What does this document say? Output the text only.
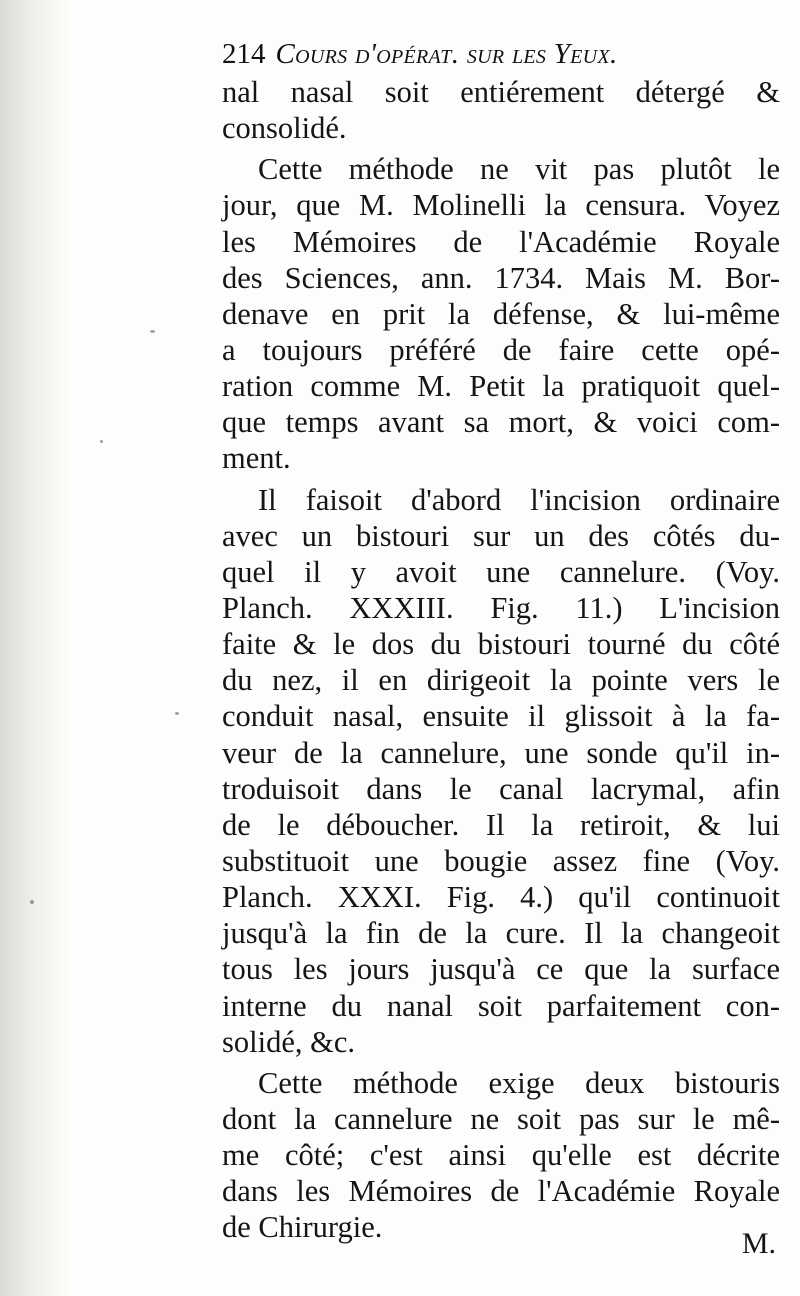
214 Cours d'opérat. sur les Yeux.
nal nasal soit entiérement détergé &
consolidé.
Cette méthode ne vit pas plutôt le
jour, que M. Molinelli la censura. Voyez
les Mémoires de l'Académie Royale
des Sciences, ann. 1734. Mais M. Bor-
denave en prit la défense, & lui-même
a toujours préféré de faire cette opé-
ration comme M. Petit la pratiquoit quel-
que temps avant sa mort, & voici com-
ment.
Il faisoit d'abord l'incision ordinaire
avec un bistouri sur un des côtés du-
quel il y avoit une cannelure. (Voy.
Planch. XXXIII. Fig. 11.) L'incision
faite & le dos du bistouri tourné du côté
du nez, il en dirigeoit la pointe vers le
conduit nasal, ensuite il glissoit à la fa-
veur de la cannelure, une sonde qu'il in-
troduisoit dans le canal lacrymal, afin
de le déboucher. Il la retiroit, & lui
substituoit une bougie assez fine (Voy.
Planch. XXXI. Fig. 4.) qu'il continuoit
jusqu'à la fin de la cure. Il la changeoit
tous les jours jusqu'à ce que la surface
interne du nanal soit parfaitement con-
solidé, &c.
Cette méthode exige deux bistouris
dont la cannelure ne soit pas sur le mê-
me côté; c'est ainsi qu'elle est décrite
dans les Mémoires de l'Académie Royale
de Chirurgie.	M.
